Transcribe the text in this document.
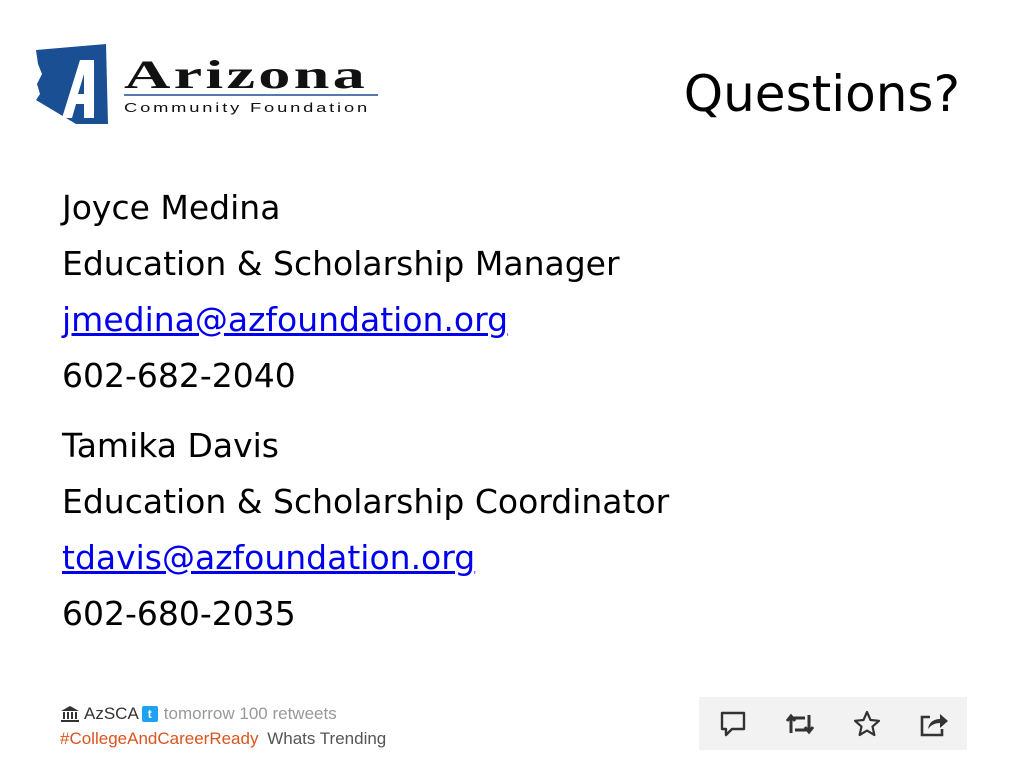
Arizona
Community Foundation	Questions?
Joyce Medina
Education & Scholarship Manager
jmedina@azfoundation.org
602-682-2040
Tamika Davis
Education & Scholarship Coordinator
tdavis@azfoundation.org
602-680-2035
AzSCA t tomorrow 100 retweets
#CollegeAndCareerReady Whats Trending
